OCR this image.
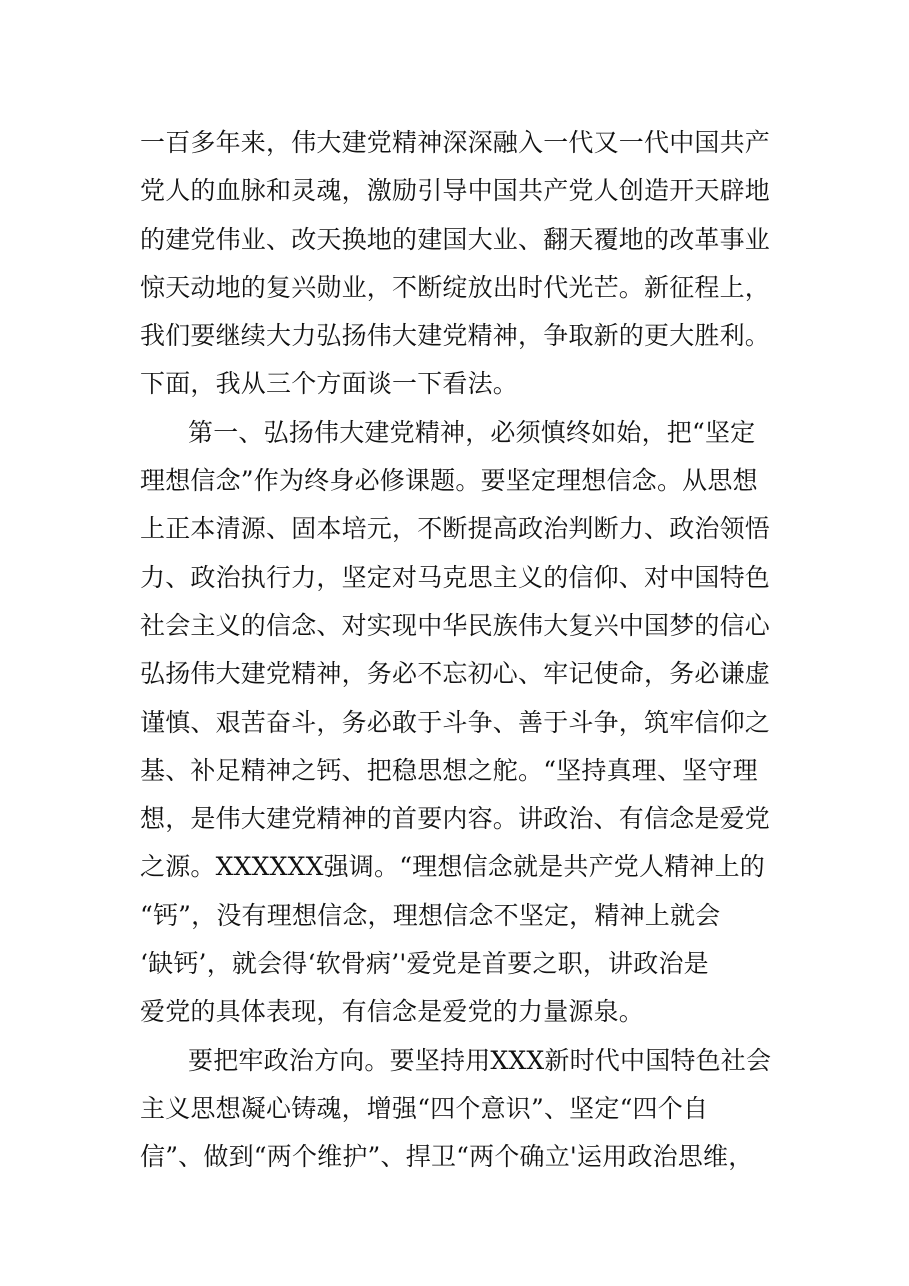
一百多年来，伟大建党精神深深融入一代又一代中国共产
党人的血脉和灵魂，激励引导中国共产党人创造开天辟地
的建党伟业、改天换地的建国大业、翻天覆地的改革事业
惊天动地的复兴勋业，不断绽放出时代光芒。新征程上，
我们要继续大力弘扬伟大建党精神，争取新的更大胜利。
下面，我从三个方面谈一下看法。
第一、弘扬伟大建党精神，必须慎终如始，把“坚定
理想信念”作为终身必修课题。要坚定理想信念。从思想
上正本清源、固本培元，不断提高政治判断力、政治领悟
力、政治执行力，坚定对马克思主义的信仰、对中国特色
社会主义的信念、对实现中华民族伟大复兴中国梦的信心
弘扬伟大建党精神，务必不忘初心、牢记使命，务必谦虚
谨慎、艰苦奋斗，务必敢于斗争、善于斗争，筑牢信仰之
基、补足精神之钙、把稳思想之舵。“坚持真理、坚守理
想，是伟大建党精神的首要内容。讲政治、有信念是爱党
之源。XXXXXX强调。“理想信念就是共产党人精神上的
“钙”，没有理想信念，理想信念不坚定，精神上就会
‘缺钙’，就会得‘软骨病’'爱党是首要之职，讲政治是
爱党的具体表现，有信念是爱党的力量源泉。
要把牢政治方向。要坚持用XXX新时代中国特色社会
主义思想凝心铸魂，增强“四个意识”、坚定“四个自
信”、做到“两个维护”、捍卫“两个确立'运用政治思维，
